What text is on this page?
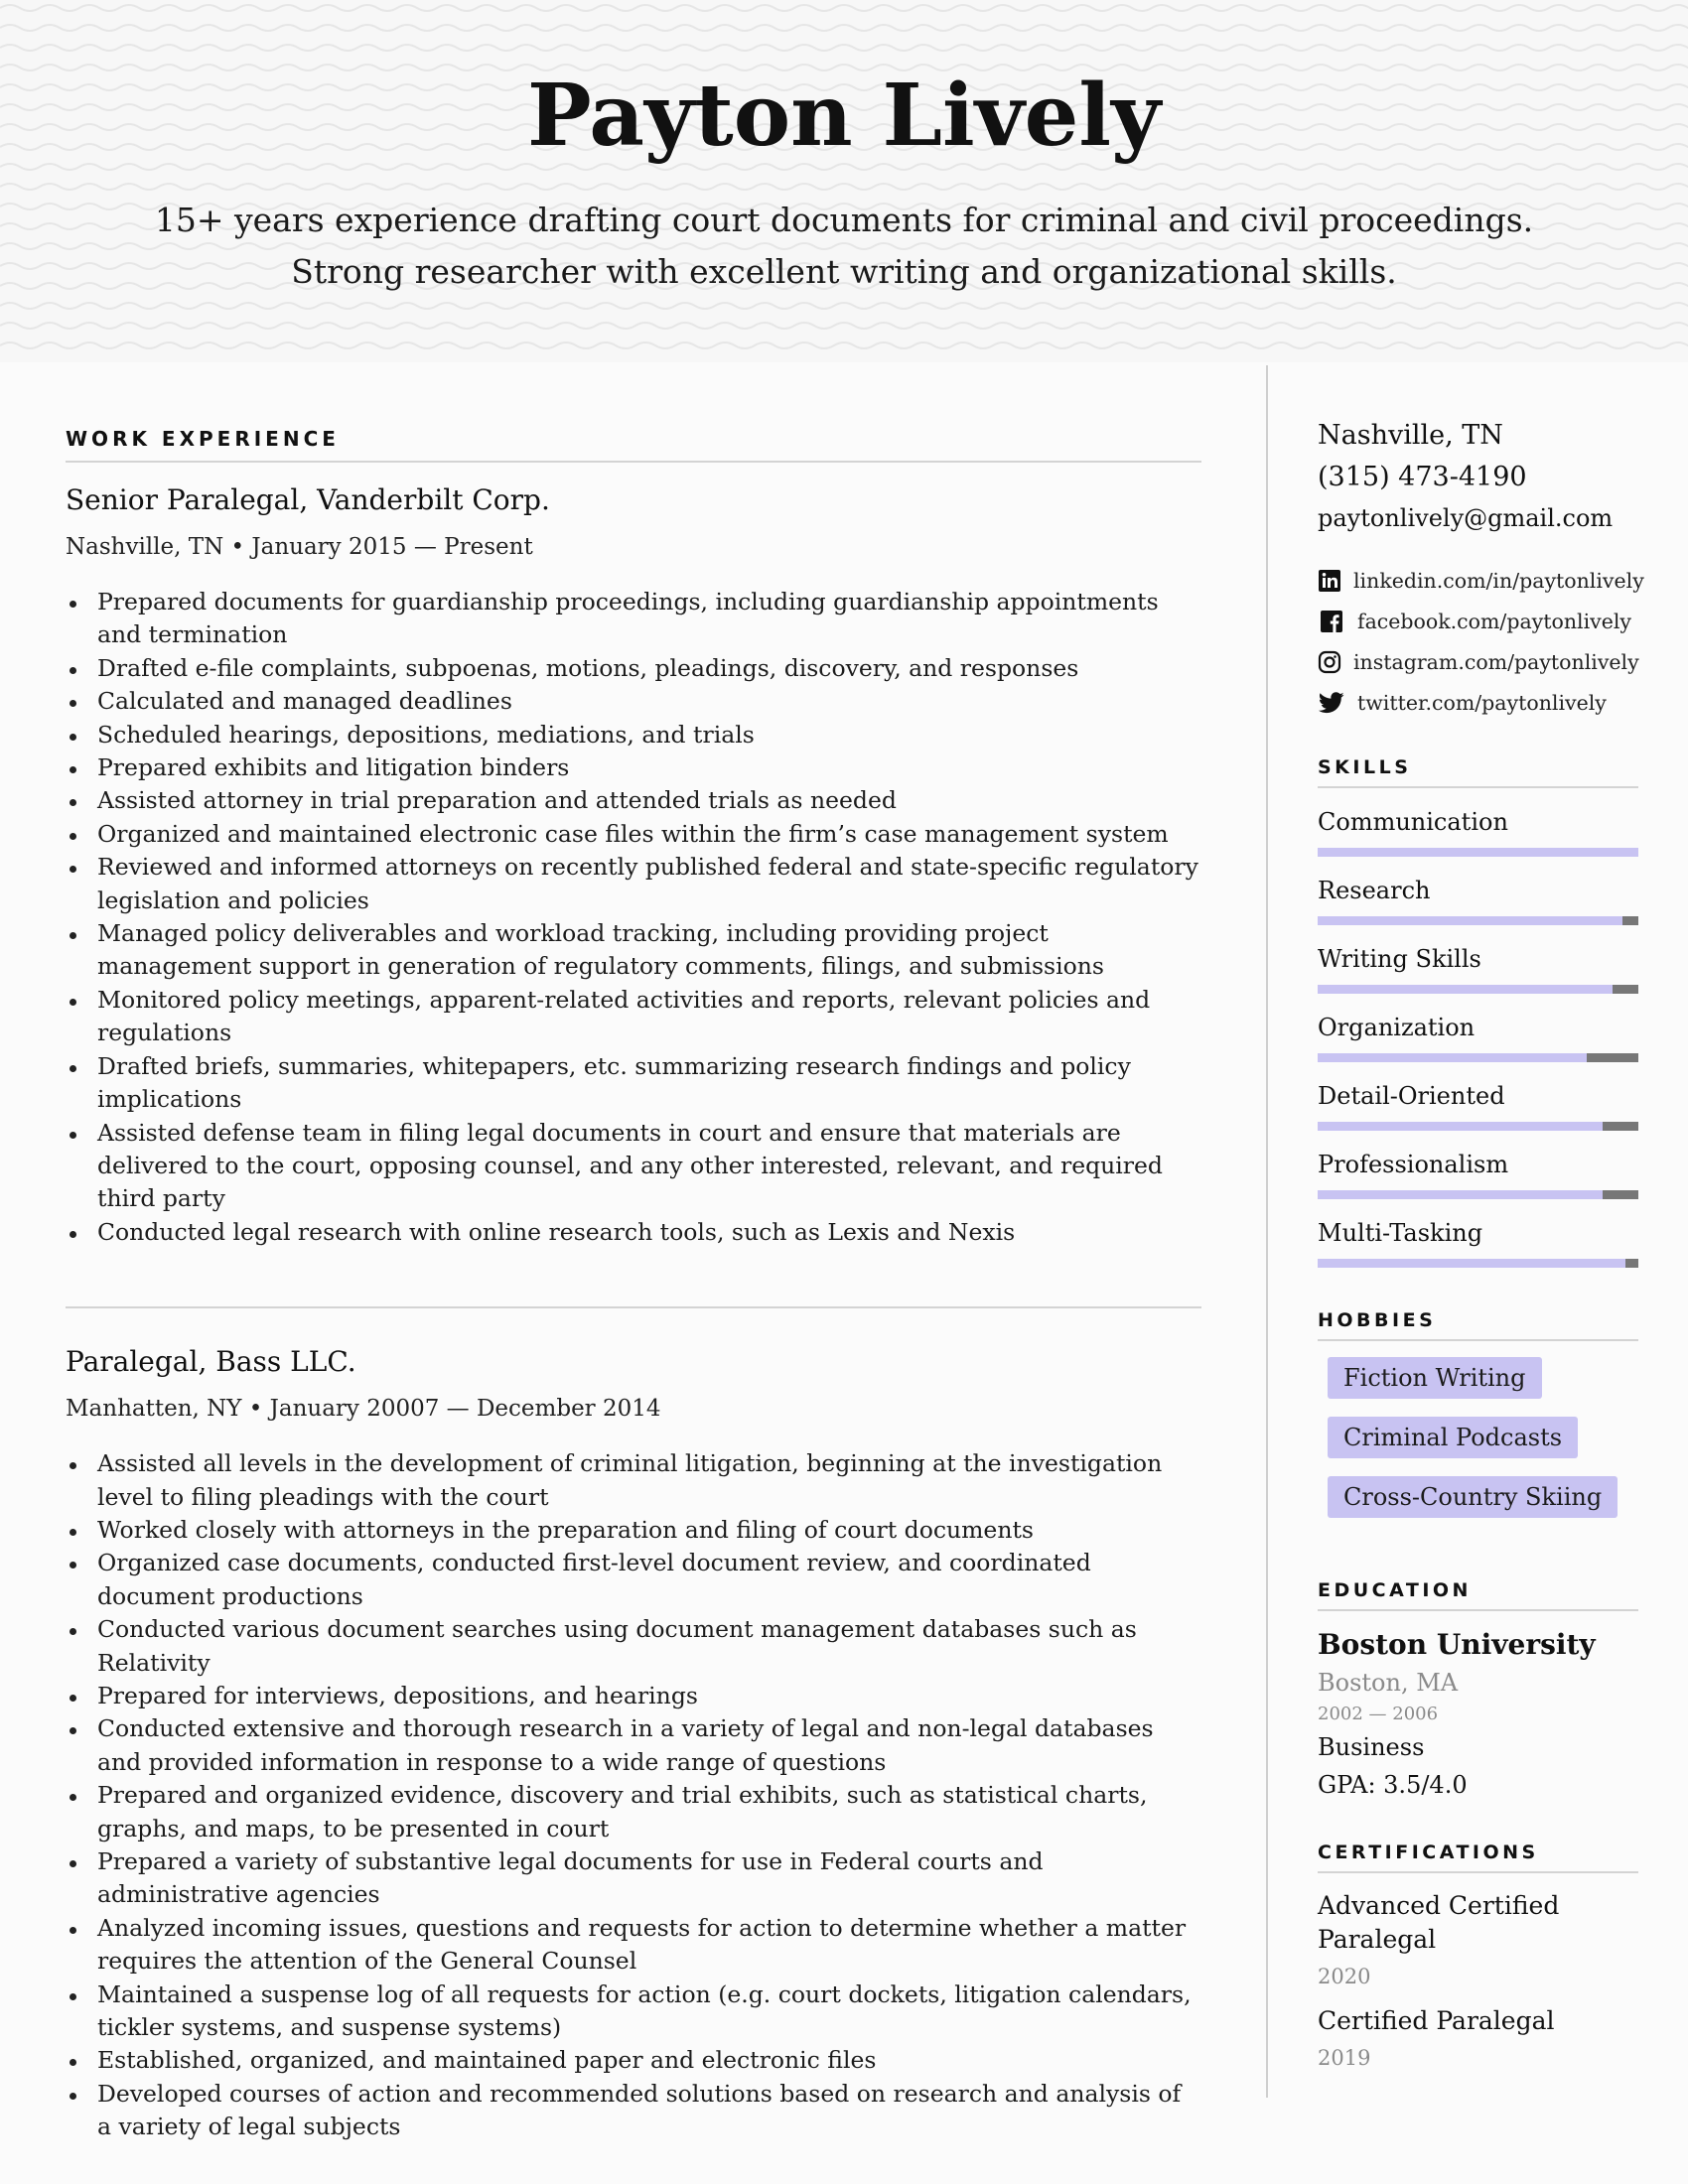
Payton Lively
15+ years experience drafting court documents for criminal and civil proceedings.
Strong researcher with excellent writing and organizational skills.
WORK EXPERIENCE
Senior Paralegal, Vanderbilt Corp.
Nashville, TN • January 2015 — Present
Prepared documents for guardianship proceedings, including guardianship appointments and termination
Drafted e-file complaints, subpoenas, motions, pleadings, discovery, and responses
Calculated and managed deadlines
Scheduled hearings, depositions, mediations, and trials
Prepared exhibits and litigation binders
Assisted attorney in trial preparation and attended trials as needed
Organized and maintained electronic case files within the firm’s case management system
Reviewed and informed attorneys on recently published federal and state-specific regulatory legislation and policies
Managed policy deliverables and workload tracking, including providing project management support in generation of regulatory comments, filings, and submissions
Monitored policy meetings, apparent-related activities and reports, relevant policies and regulations
Drafted briefs, summaries, whitepapers, etc. summarizing research findings and policy implications
Assisted defense team in filing legal documents in court and ensure that materials are delivered to the court, opposing counsel, and any other interested, relevant, and required third party
Conducted legal research with online research tools, such as Lexis and Nexis
Paralegal, Bass LLC.
Manhatten, NY • January 20007 — December 2014
Assisted all levels in the development of criminal litigation, beginning at the investigation level to filing pleadings with the court
Worked closely with attorneys in the preparation and filing of court documents
Organized case documents, conducted first-level document review, and coordinated document productions
Conducted various document searches using document management databases such as Relativity
Prepared for interviews, depositions, and hearings
Conducted extensive and thorough research in a variety of legal and non-legal databases and provided information in response to a wide range of questions
Prepared and organized evidence, discovery and trial exhibits, such as statistical charts, graphs, and maps, to be presented in court
Prepared a variety of substantive legal documents for use in Federal courts and administrative agencies
Analyzed incoming issues, questions and requests for action to determine whether a matter requires the attention of the General Counsel
Maintained a suspense log of all requests for action (e.g. court dockets, litigation calendars, tickler systems, and suspense systems)
Established, organized, and maintained paper and electronic files
Developed courses of action and recommended solutions based on research and analysis of a variety of legal subjects
Nashville, TN
(315) 473-4190
paytonlively@gmail.com
linkedin.com/in/paytonlively
facebook.com/paytonlively
instagram.com/paytonlively
twitter.com/paytonlively
SKILLS
Communication
Research
Writing Skills
Organization
Detail-Oriented
Professionalism
Multi-Tasking
HOBBIES
Fiction Writing
Criminal Podcasts
Cross-Country Skiing
EDUCATION
Boston University
Boston, MA
2002 — 2006
Business
GPA: 3.5/4.0
CERTIFICATIONS
Advanced Certified Paralegal
2020
Certified Paralegal
2019
